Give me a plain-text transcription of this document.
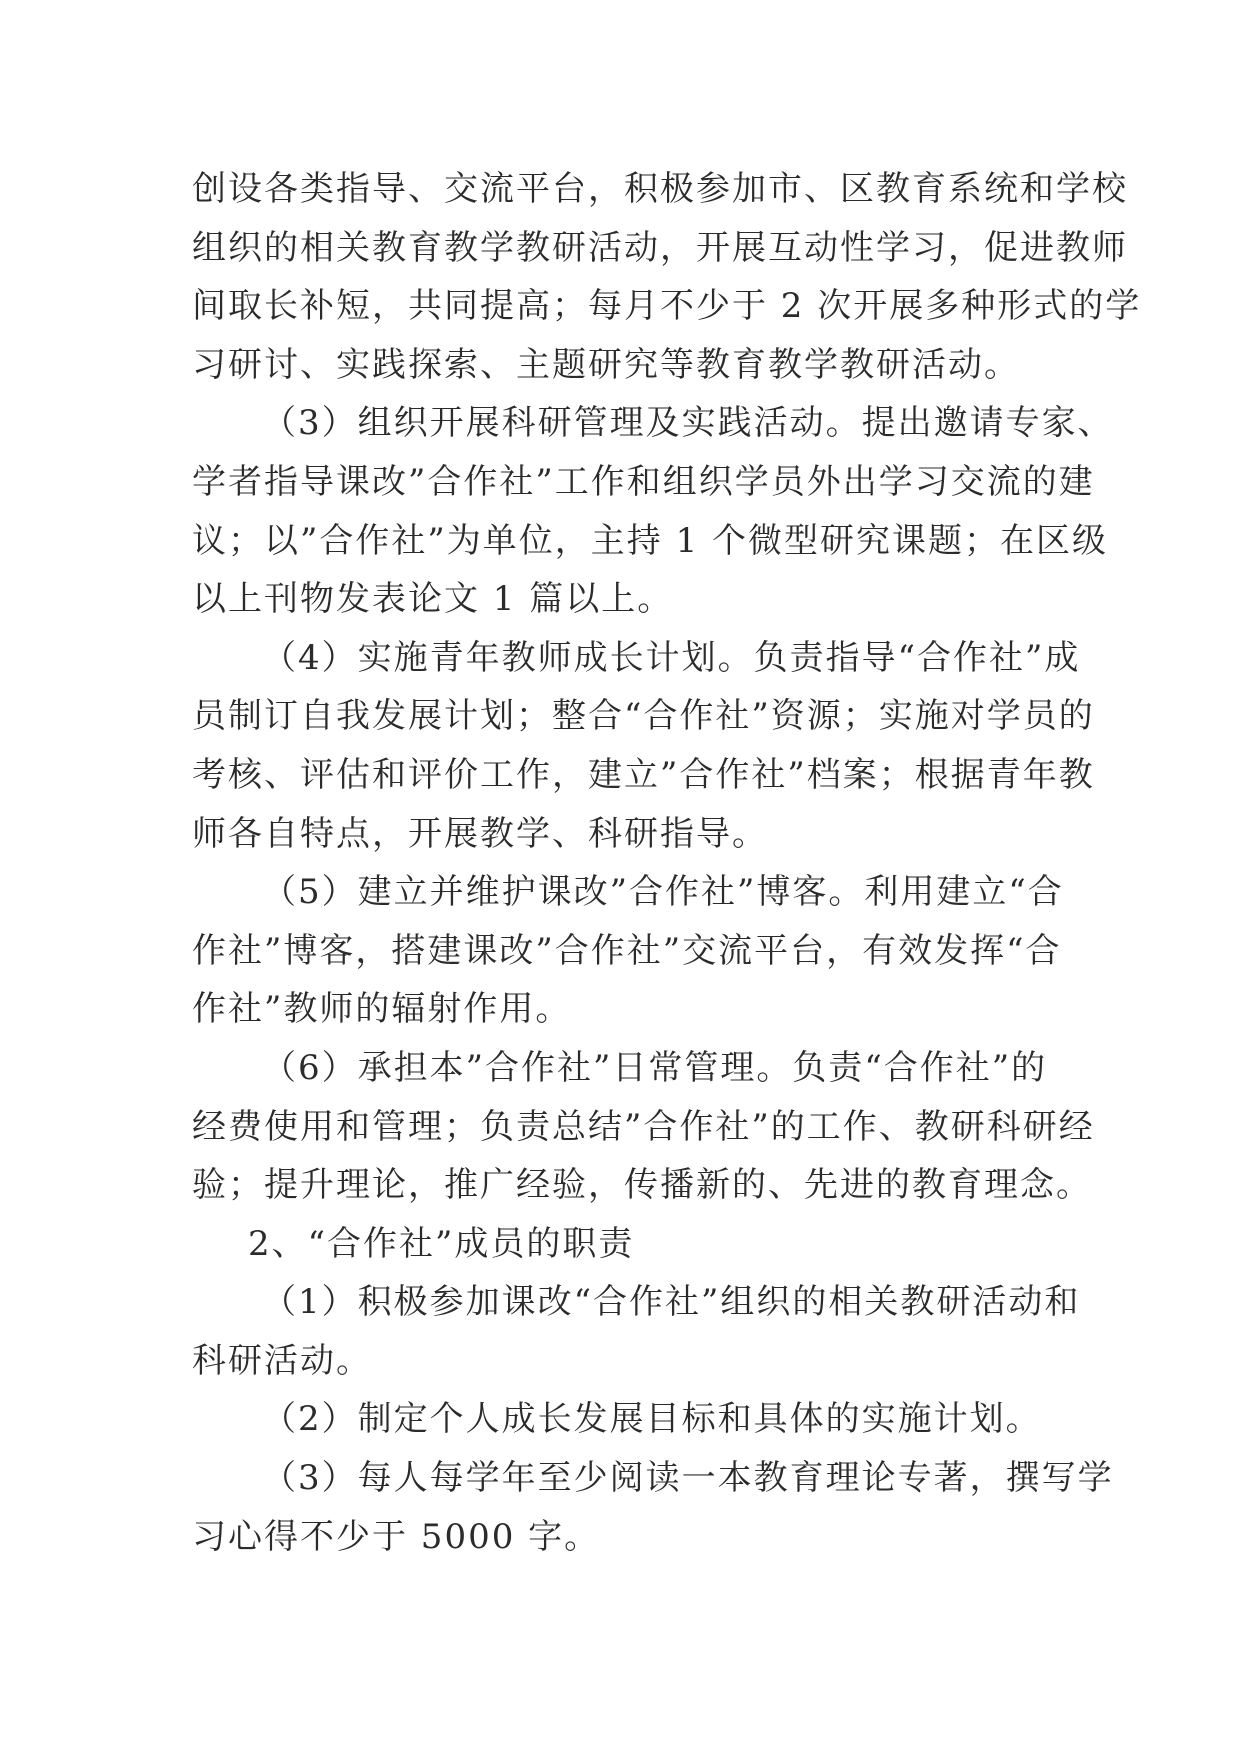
创设各类指导、交流平台，积极参加市、区教育系统和学校
组织的相关教育教学教研活动，开展互动性学习，促进教师
间取长补短，共同提高；每月不少于 2 次开展多种形式的学
习研讨、实践探索、主题研究等教育教学教研活动。
（3）组织开展科研管理及实践活动。提出邀请专家、
学者指导课改”合作社”工作和组织学员外出学习交流的建
议；以”合作社”为单位，主持 1 个微型研究课题；在区级
以上刊物发表论文 1 篇以上。
（4）实施青年教师成长计划。负责指导“合作社”成
员制订自我发展计划；整合“合作社”资源；实施对学员的
考核、评估和评价工作，建立”合作社”档案；根据青年教
师各自特点，开展教学、科研指导。
（5）建立并维护课改”合作社”博客。利用建立“合
作社”博客，搭建课改”合作社”交流平台，有效发挥“合
作社”教师的辐射作用。
（6）承担本”合作社”日常管理。负责“合作社”的
经费使用和管理；负责总结”合作社”的工作、教研科研经
验；提升理论，推广经验，传播新的、先进的教育理念。
2、“合作社”成员的职责
（1）积极参加课改“合作社”组织的相关教研活动和
科研活动。
（2）制定个人成长发展目标和具体的实施计划。
（3）每人每学年至少阅读一本教育理论专著，撰写学
习心得不少于 5000 字。
